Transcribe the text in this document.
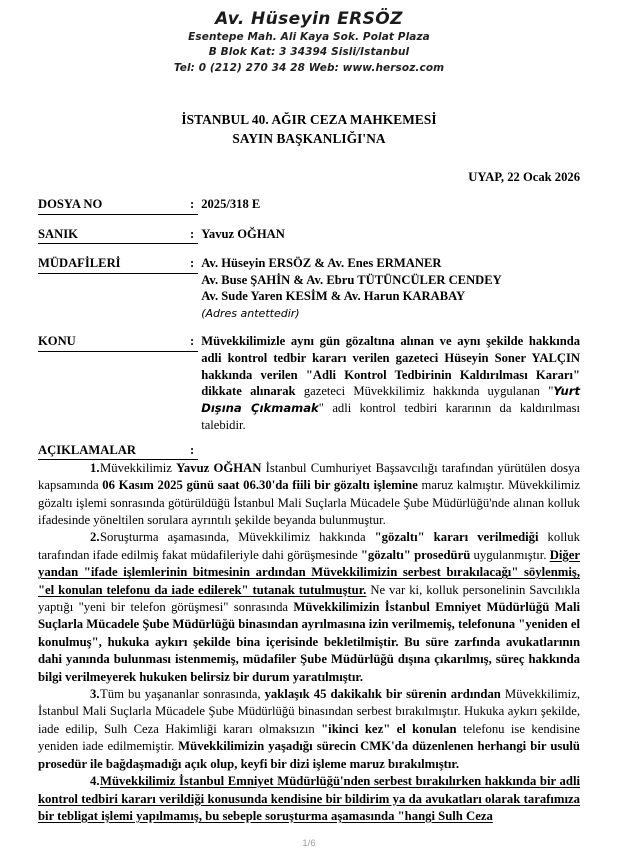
Av. Hüseyin ERSÖZ
Esentepe Mah. Ali Kaya Sok. Polat Plaza
B Blok Kat: 3 34394 Sisli/Istanbul
Tel: 0 (212) 270 34 28 Web: www.hersoz.com
İSTANBUL 40. AĞIR CEZA MAHKEMESİ
SAYIN BAŞKANLIĞI'NA
UYAP, 22 Ocak 2026
DOSYA NO	: 2025/318 E
SANIK	: Yavuz OĞHAN
MÜDAFİLERİ	: Av. Hüseyin ERSÖZ & Av. Enes ERMANER
Av. Buse ŞAHİN & Av. Ebru TÜTÜNCÜLER CENDEY
Av. Sude Yaren KESİM & Av. Harun KARABAY
(Adres antettedir)
KONU	: Müvekkilimizle aynı gün gözaltına alınan ve aynı şekilde hakkında adli kontrol tedbir kararı verilen gazeteci Hüseyin Soner YALÇIN hakkında verilen "Adli Kontrol Tedbirinin Kaldırılması Kararı" dikkate alınarak gazeteci Müvekkilimiz hakkında uygulanan "Yurt Dışına Çıkmamak" adli kontrol tedbiri kararının da kaldırılması talebidir.
AÇIKLAMALAR	:

1.Müvekkilimiz Yavuz OĞHAN İstanbul Cumhuriyet Başsavcılığı tarafından yürütülen dosya kapsamında 06 Kasım 2025 günü saat 06.30'da fiili bir gözaltı işlemine maruz kalmıştır. Müvekkilimiz gözaltı işlemi sonrasında götürüldüğü İstanbul Mali Suçlarla Mücadele Şube Müdürlüğü'nde alınan kolluk ifadesinde yöneltilen sorulara ayrıntılı şekilde beyanda bulunmuştur.

2.Soruşturma aşamasında, Müvekkilimiz hakkında "gözaltı" kararı verilmediği kolluk tarafından ifade edilmiş fakat müdafileriyle dahi görüşmesinde "gözaltı" prosedürü uygulanmıştır. Diğer yandan "ifade işlemlerinin bitmesinin ardından Müvekkilimizin serbest bırakılacağı" söylenmiş, "el konulan telefonu da iade edilerek" tutanak tutulmuştur. Ne var ki, kolluk personelinin Savcılıkla yaptığı "yeni bir telefon görüşmesi" sonrasında Müvekkilimizin İstanbul Emniyet Müdürlüğü Mali Suçlarla Mücadele Şube Müdürlüğü binasından ayrılmasına izin verilmemiş, telefonuna "yeniden el konulmuş", hukuka aykırı şekilde bina içerisinde bekletilmiştir. Bu süre zarfında avukatlarının dahi yanında bulunması istenmemiş, müdafiler Şube Müdürlüğü dışına çıkarılmış, süreç hakkında bilgi verilmeyerek hukuken belirsiz bir durum yaratılmıştır.

3.Tüm bu yaşananlar sonrasında, yaklaşık 45 dakikalık bir sürenin ardından Müvekkilimiz, İstanbul Mali Suçlarla Mücadele Şube Müdürlüğü binasından serbest bırakılmıştır. Hukuka aykırı şekilde, iade edilip, Sulh Ceza Hakimliği kararı olmaksızın "ikinci kez" el konulan telefonu ise kendisine yeniden iade edilmemiştir. Müvekkilimizin yaşadığı sürecin CMK'da düzenlenen herhangi bir usulü prosedür ile bağdaşmadığı açık olup, keyfi bir dizi işleme maruz bırakılmıştır.

4.Müvekkilimiz İstanbul Emniyet Müdürlüğü'nden serbest bırakılırken hakkında bir adli kontrol tedbiri kararı verildiği konusunda kendisine bir bildirim ya da avukatları olarak tarafımıza bir tebligat işlemi yapılmamış, bu sebeple soruşturma aşamasında "hangi Sulh Ceza

1/6
